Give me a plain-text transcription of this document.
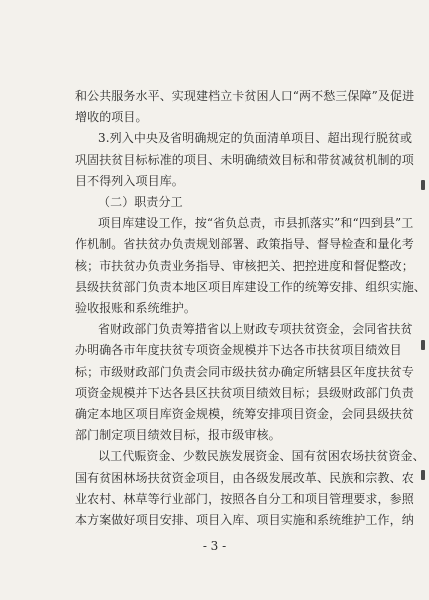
和公共服务水平、实现建档立卡贫困人口“两不愁三保障”及促进
增收的项目。
3.列入中央及省明确规定的负面清单项目、超出现行脱贫或
巩固扶贫目标标准的项目、未明确绩效目标和带贫减贫机制的项
目不得列入项目库。
（二）职责分工
项目库建设工作，按“省负总责，市县抓落实”和“四到县”工
作机制。省扶贫办负责规划部署、政策指导、督导检查和量化考
核；市扶贫办负责业务指导、审核把关、把控进度和督促整改；
县级扶贫部门负责本地区项目库建设工作的统筹安排、组织实施、
验收报账和系统维护。
省财政部门负责筹措省以上财政专项扶贫资金，会同省扶贫
办明确各市年度扶贫专项资金规模并下达各市扶贫项目绩效目
标；市级财政部门负责会同市级扶贫办确定所辖县区年度扶贫专
项资金规模并下达各县区扶贫项目绩效目标；县级财政部门负责
确定本地区项目库资金规模，统筹安排项目资金，会同县级扶贫
部门制定项目绩效目标，报市级审核。
以工代赈资金、少数民族发展资金、国有贫困农场扶贫资金、
国有贫困林场扶贫资金项目，由各级发展改革、民族和宗教、农
业农村、林草等行业部门，按照各自分工和项目管理要求，参照
本方案做好项目安排、项目入库、项目实施和系统维护工作，纳
- 3 -
